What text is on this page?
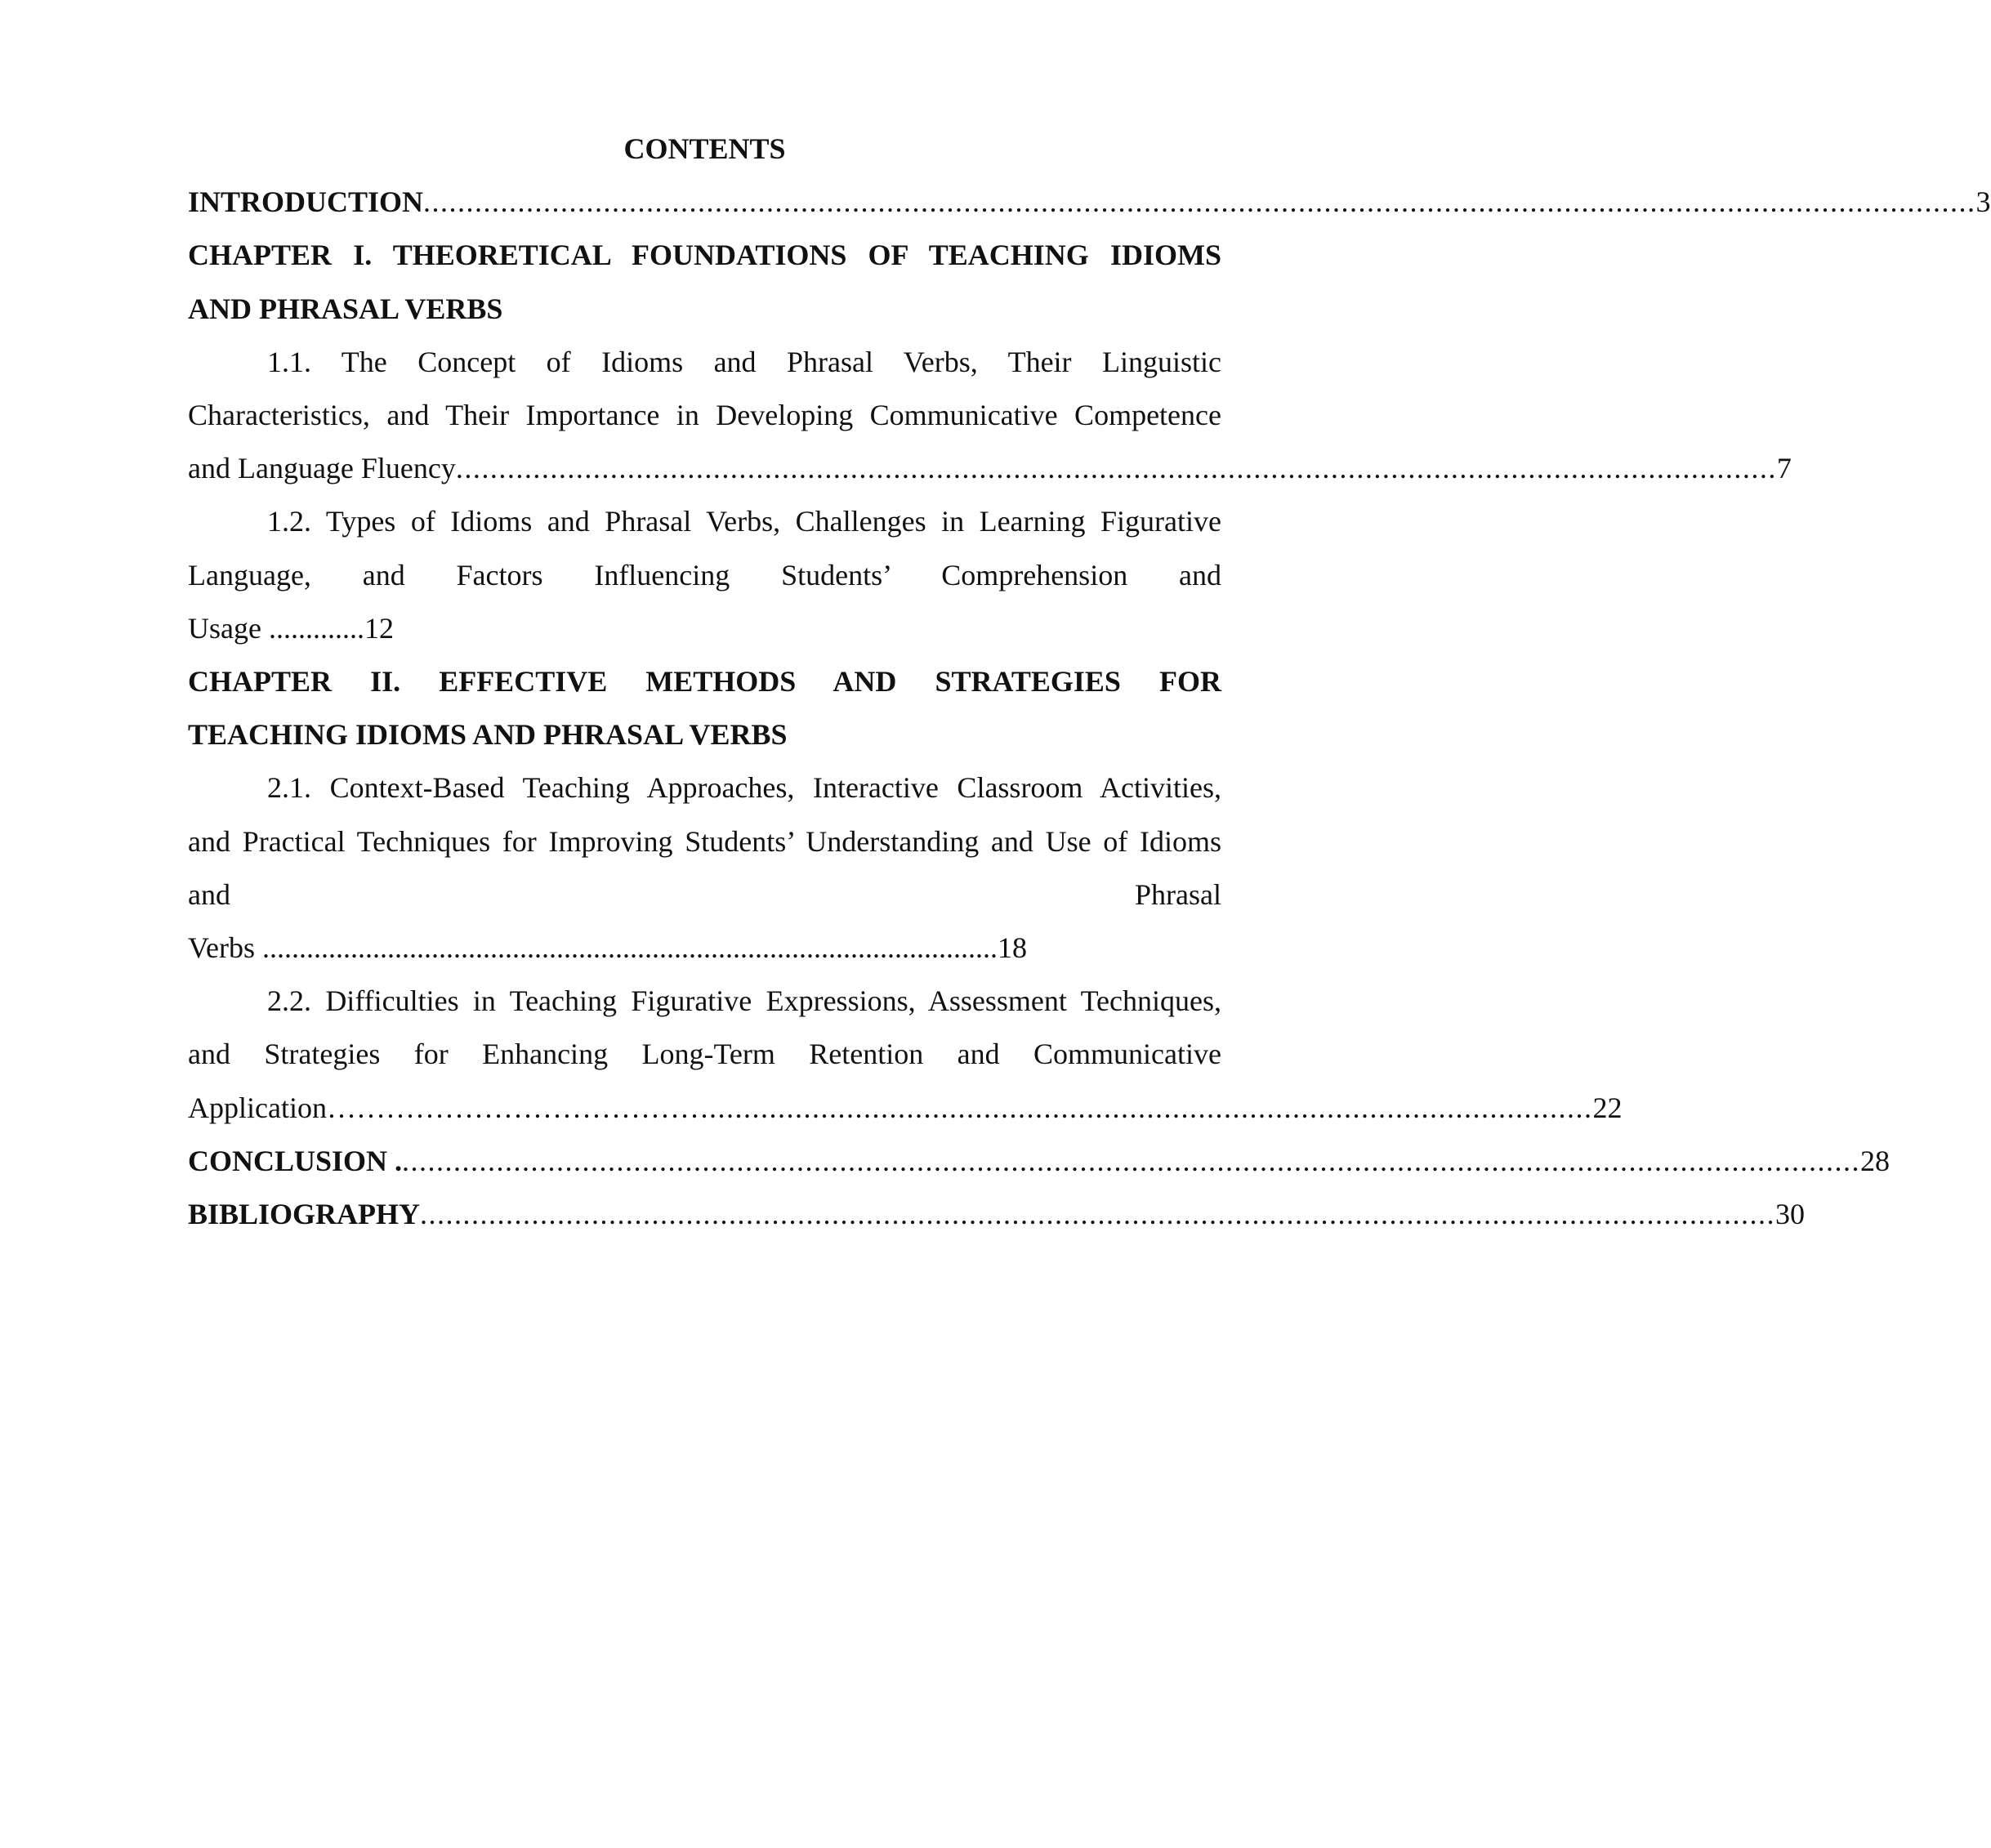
CONTENTS

INTRODUCTION ..................................................................................................................................................................................... 3
CHAPTER I. THEORETICAL FOUNDATIONS OF TEACHING IDIOMS
AND PHRASAL VERBS
1.1. The Concept of Idioms and Phrasal Verbs, Their Linguistic
Characteristics, and Their Importance in Developing Communicative Competence
and Language Fluency .......................................................................................................................................................... 7
1.2. Types of Idioms and Phrasal Verbs, Challenges in Learning Figurative
Language, and Factors Influencing Students’ Comprehension and
Usage .............12
CHAPTER II. EFFECTIVE METHODS AND STRATEGIES FOR
TEACHING IDIOMS AND PHRASAL VERBS
2.1. Context-Based Teaching Approaches, Interactive Classroom Activities,
and Practical Techniques for Improving Students’ Understanding and Use of Idioms
and	Phrasal
Verbs ....................................................................................................18
2.2. Difficulties in Teaching Figurative Expressions, Assessment Techniques,
and Strategies for Enhancing Long-Term Retention and Communicative
Application………………………………… ....................................................................................................... 22
CONCLUSION . .......................................................................................................................................................................... 28
BIBLIOGRAPHY .............................................................................................................................................................. 30
